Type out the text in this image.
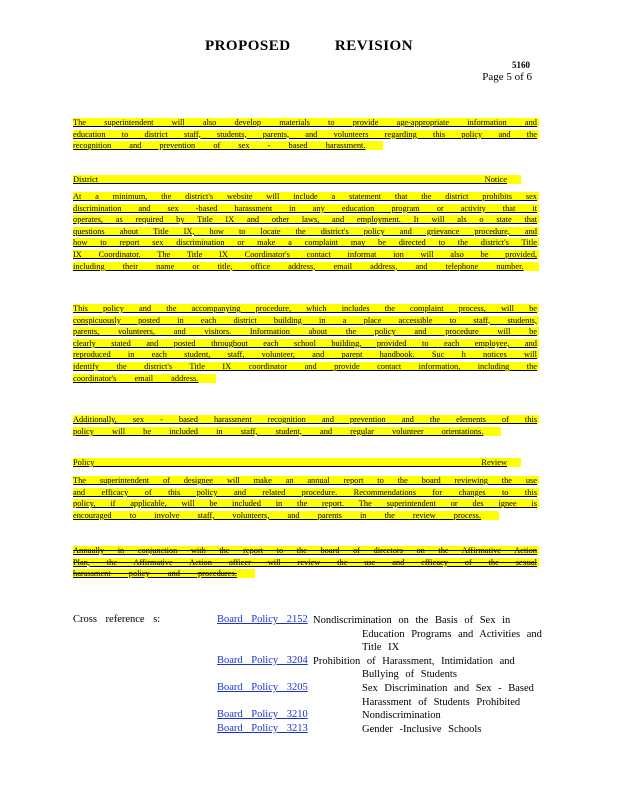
PROPOSED REVISION
5160
Page 5 of 6
The superintendent will also develop materials to provide age-appropriate information and
education to district staff, students, parents, and volunteers regarding this policy and the
recognition and prevention of sex - based harassment.
District Notice
At a minimum, the district's website will include a statement that the district prohibits sex
discrimination and sex -based harassment in any education program or activity that it
operates, as required by Title IX and other laws, and employment. It will als o state that
questions about Title IX, how to locate the district's policy and grievance procedure, and
how to report sex discrimination or make a complaint may be directed to the district's Title
IX Coordinator. The Title IX Coordinator's contact informat ion will also be provided,
including their name or title, office address, email address, and telephone number.
This policy and the accompanying procedure, which includes the complaint process, will be
conspicuously posted in each district building in a place accessible to staff, students,
parents, volunteers, and visitors. Information about the policy and procedure will be
clearly stated and posted throughout each school building, provided to each employee, and
reproduced in each student, staff, volunteer, and parent handbook. Suc h notices will
identify the district's Title IX coordinator and provide contact information, including the
coordinator's email address.
Additionally, sex - based harassment recognition and prevention and the elements of this
policy will be included in staff, student, and regular volunteer orientations.
Policy Review
The superintendent of designee will make an annual report to the board reviewing the use
and efficacy of this policy and related procedure. Recommendations for changes to this
policy, if applicable, will be included in the report. The superintendent or des ignee is
encouraged to involve staff, volunteers, and parents in the review process.
Annually in conjunction with the report to the board of directors on the Affirmative Action
Plan, the Affirmative Action officer will review the use and efficacy of the sexual
harassment policy and procedures.
Cross reference s:	Board Policy 2152 Nondiscrimination on the Basis of Sex in Education Programs and Activities and Title IX
Board Policy 3204 Prohibition of Harassment, Intimidation and Bullying of Students
Board Policy 3205	Sex Discrimination and Sex - Based Harassment of Students Prohibited
Board Policy 3210	Nondiscrimination
Board Policy 3213	Gender -Inclusive Schools
